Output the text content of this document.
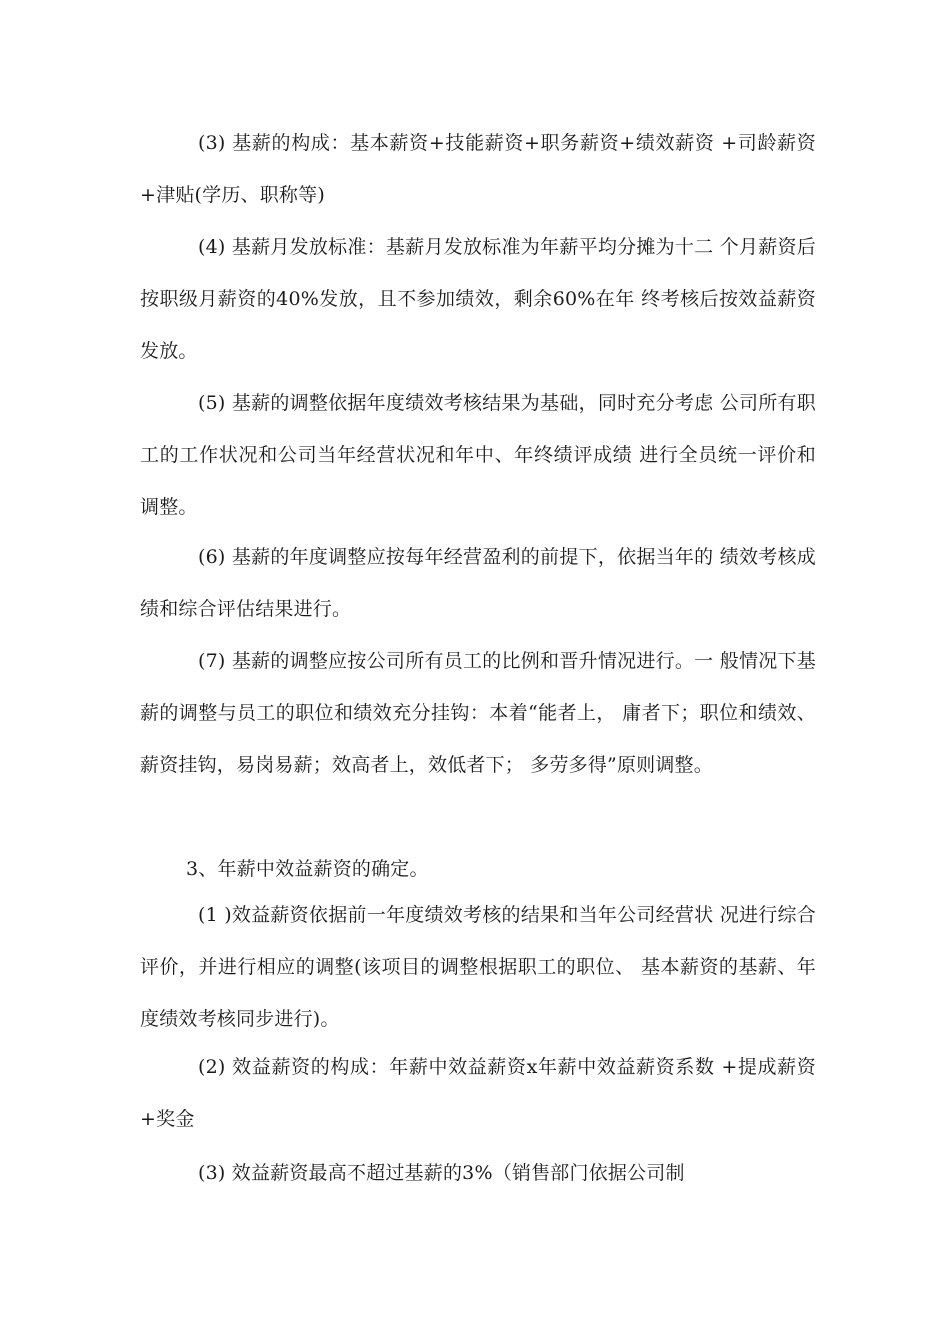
(3) 基薪的构成：基本薪资+技能薪资+职务薪资+绩效薪资 +司龄薪资+津贴(学历、职称等)

(4) 基薪月发放标准：基薪月发放标准为年薪平均分摊为十二 个月薪资后按职级月薪资的40%发放，且不参加绩效，剩余60%在年 终考核后按效益薪资发放。

(5) 基薪的调整依据年度绩效考核结果为基础，同时充分考虑 公司所有职工的工作状况和公司当年经营状况和年中、年终绩评成绩 进行全员统一评价和调整。

(6) 基薪的年度调整应按每年经营盈利的前提下，依据当年的 绩效考核成绩和综合评估结果进行。

(7) 基薪的调整应按公司所有员工的比例和晋升情况进行。一 般情况下基薪的调整与员工的职位和绩效充分挂钩：本着“能者上， 庸者下；职位和绩效、薪资挂钩，易岗易薪；效高者上，效低者下； 多劳多得”原则调整。

3、年薪中效益薪资的确定。

(1 )效益薪资依据前一年度绩效考核的结果和当年公司经营状 况进行综合评价，并进行相应的调整(该项目的调整根据职工的职位、 基本薪资的基薪、年度绩效考核同步进行)。

(2) 效益薪资的构成：年薪中效益薪资x年薪中效益薪资系数 +提成薪资+奖金

(3) 效益薪资最高不超过基薪的3%（销售部门依据公司制
